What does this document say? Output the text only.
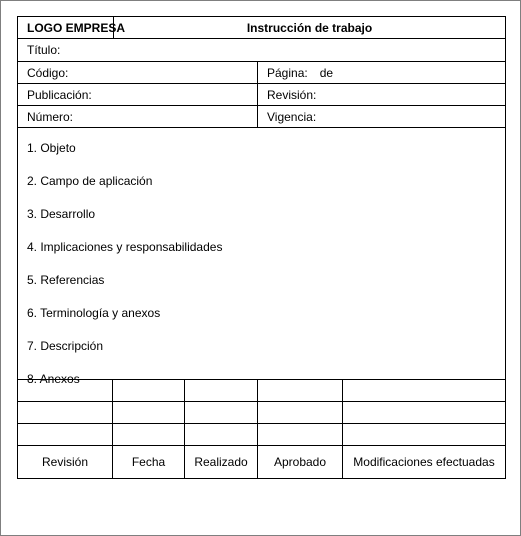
LOGO EMPRESA	Instrucción de trabajo
Título:
Código:	Página: de
Publicación:	Revisión:
Número:	Vigencia:
1. Objeto
2. Campo de aplicación
3. Desarrollo
4. Implicaciones y responsabilidades
5. Referencias
6. Terminología y anexos
7. Descripción
8. Anexos
Revisión	Fecha	Realizado	Aprobado	Modificaciones efectuadas
